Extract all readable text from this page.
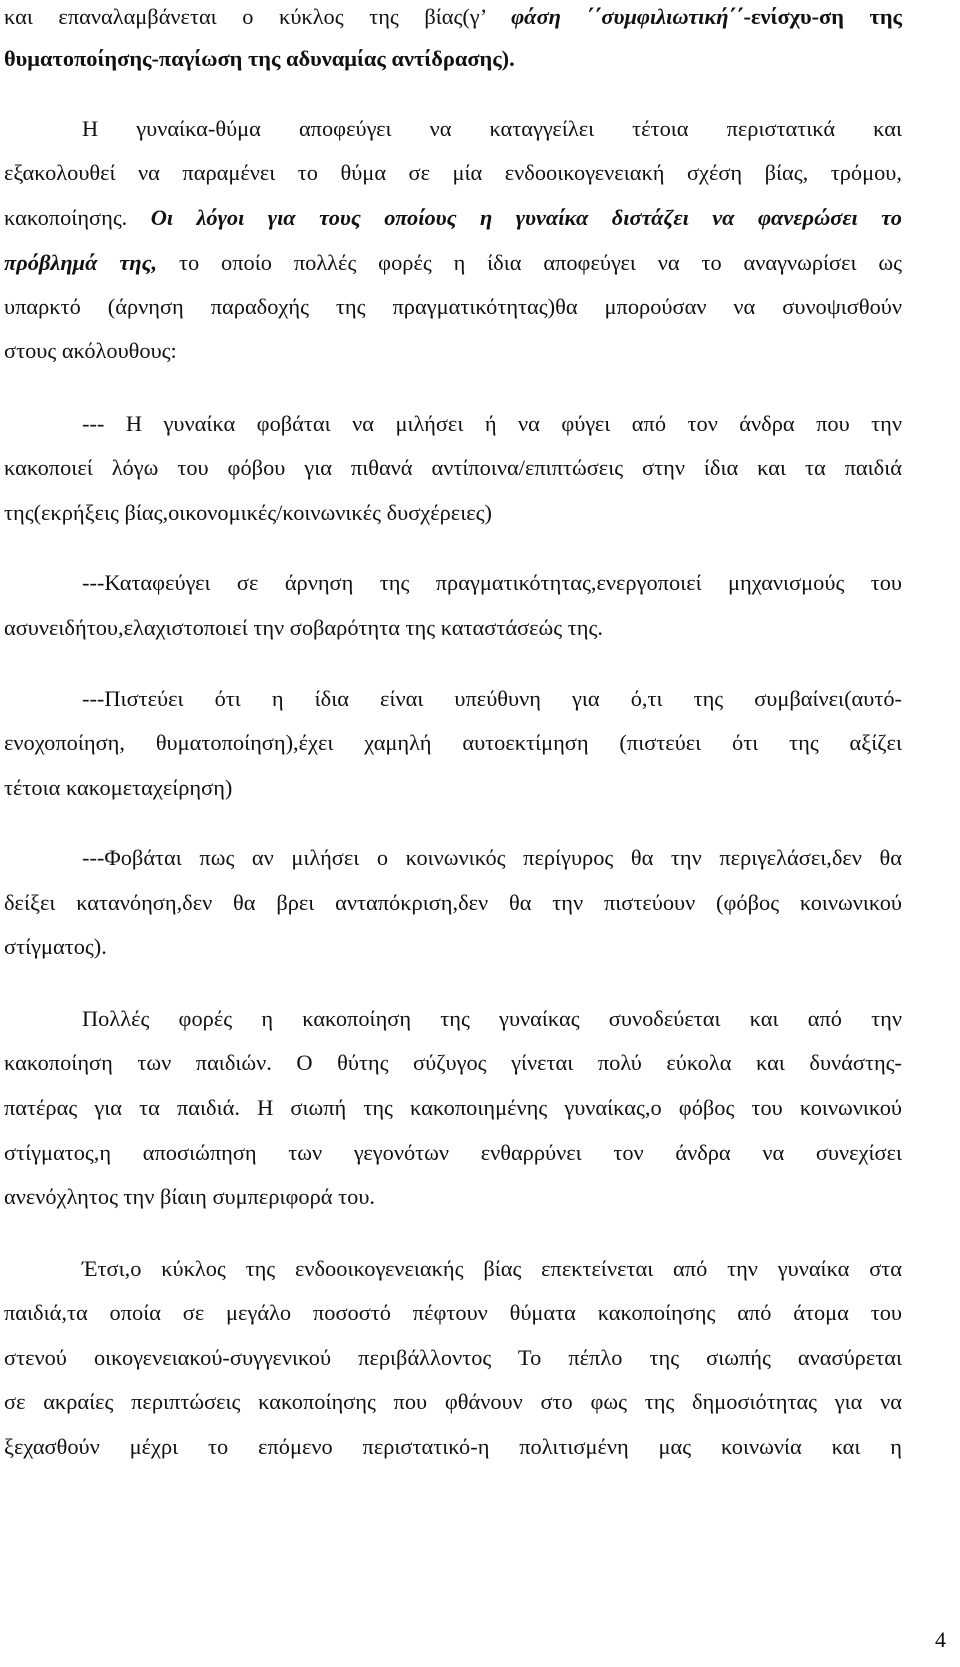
και επαναλαμβάνεται ο κύκλος της βίας(γ’ φάση ΄΄συμφιλιωτική΄΄-ενίσχυ-ση της
θυματοποίησης-παγίωση της αδυναμίας αντίδρασης).
Η γυναίκα-θύμα αποφεύγει να καταγγείλει τέτοια περιστατικά και
εξακολουθεί να παραμένει το θύμα σε μία ενδοοικογενειακή σχέση βίας, τρόμου,
κακοποίησης. Οι λόγοι για τους οποίους η γυναίκα διστάζει να φανερώσει το
πρόβλημά της, το οποίο πολλές φορές η ίδια αποφεύγει να το αναγνωρίσει ως
υπαρκτό (άρνηση παραδοχής της πραγματικότητας)θα μπορούσαν να συνοψισθούν
στους ακόλουθους:
--- Η γυναίκα φοβάται να μιλήσει ή να φύγει από τον άνδρα που την
κακοποιεί λόγω του φόβου για πιθανά αντίποινα/επιπτώσεις στην ίδια και τα παιδιά
της(εκρήξεις βίας,οικονομικές/κοινωνικές δυσχέρειες)
---Καταφεύγει σε άρνηση της πραγματικότητας,ενεργοποιεί μηχανισμούς του
ασυνειδήτου,ελαχιστοποιεί την σοβαρότητα της καταστάσεώς της.
---Πιστεύει ότι η ίδια είναι υπεύθυνη για ό,τι της συμβαίνει(αυτό-
ενοχοποίηση, θυματοποίηση),έχει χαμηλή αυτοεκτίμηση (πιστεύει ότι της αξίζει
τέτοια κακομεταχείρηση)
---Φοβάται πως αν μιλήσει ο κοινωνικός περίγυρος θα την περιγελάσει,δεν θα
δείξει κατανόηση,δεν θα βρει ανταπόκριση,δεν θα την πιστεύουν (φόβος κοινωνικού
στίγματος).
Πολλές φορές η κακοποίηση της γυναίκας συνοδεύεται και από την
κακοποίηση των παιδιών. Ο θύτης σύζυγος γίνεται πολύ εύκολα και δυνάστης-
πατέρας για τα παιδιά. Η σιωπή της κακοποιημένης γυναίκας,ο φόβος του κοινωνικού
στίγματος,η αποσιώπηση των γεγονότων ενθαρρύνει τον άνδρα να συνεχίσει
ανενόχλητος την βίαιη συμπεριφορά του.
Έτσι,ο κύκλος της ενδοοικογενειακής βίας επεκτείνεται από την γυναίκα στα
παιδιά,τα οποία σε μεγάλο ποσοστό πέφτουν θύματα κακοποίησης από άτομα του
στενού οικογενειακού-συγγενικού περιβάλλοντος Το πέπλο της σιωπής ανασύρεται
σε ακραίες περιπτώσεις κακοποίησης που φθάνουν στο φως της δημοσιότητας για να
ξεχασθούν μέχρι το επόμενο περιστατικό-η πολιτισμένη μας κοινωνία και η
4
